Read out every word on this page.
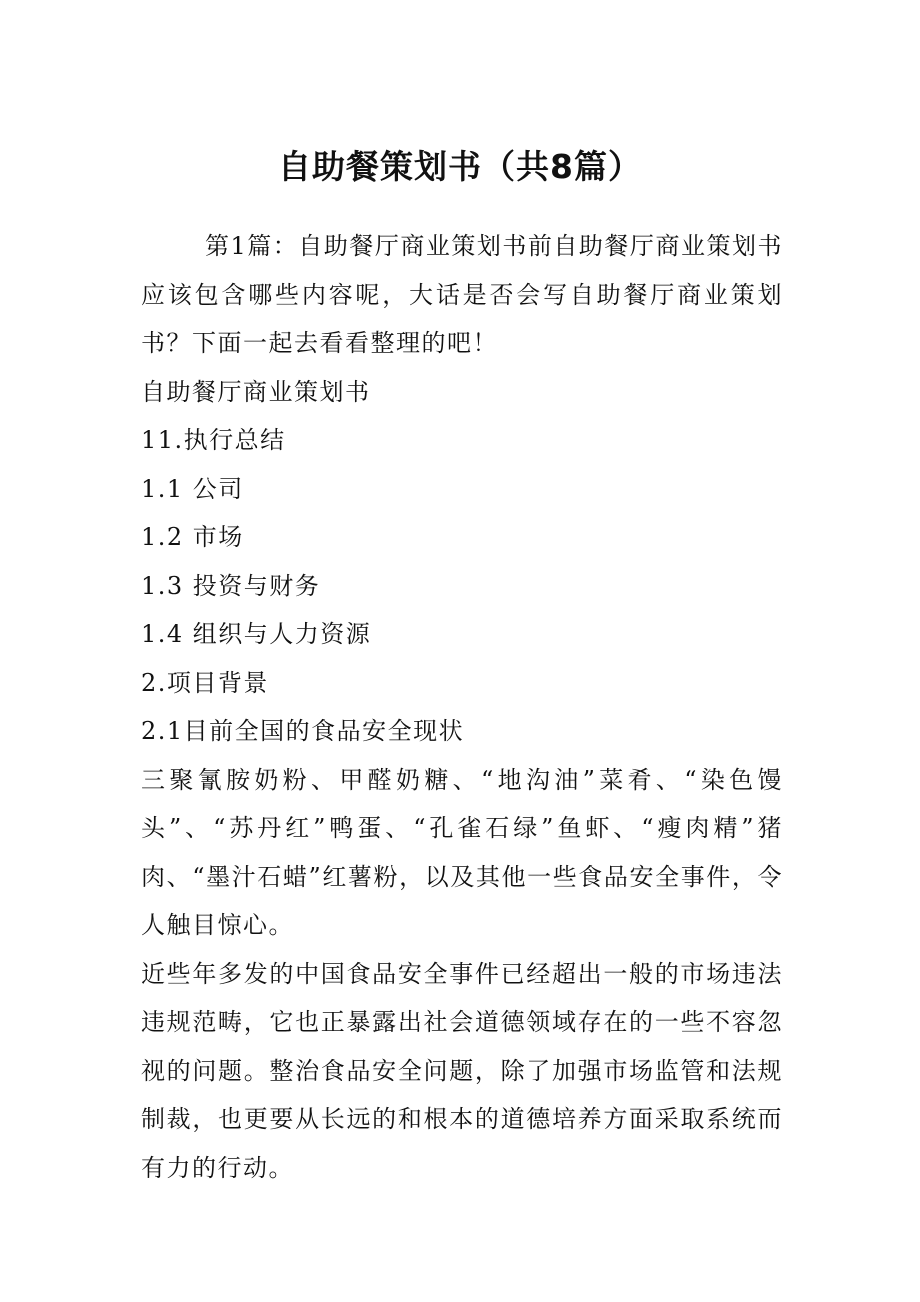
自助餐策划书（共8篇）

第1篇：自助餐厅商业策划书前自助餐厅商业策划书应该包含哪些内容呢，大话是否会写自助餐厅商业策划书？下面一起去看看整理的吧！

自助餐厅商业策划书

11.执行总结

1.1 公司

1.2 市场

1.3 投资与财务

1.4 组织与人力资源

2.项目背景

2.1目前全国的食品安全现状

三聚氰胺奶粉、甲醛奶糖、“地沟油”菜肴、“染色馒头”、“苏丹红”鸭蛋、“孔雀石绿”鱼虾、“瘦肉精”猪肉、“墨汁石蜡”红薯粉，以及其他一些食品安全事件，令人触目惊心。

近些年多发的中国食品安全事件已经超出一般的市场违法违规范畴，它也正暴露出社会道德领域存在的一些不容忽视的问题。整治食品安全问题，除了加强市场监管和法规制裁，也更要从长远的和根本的道德培养方面采取系统而有力的行动。
